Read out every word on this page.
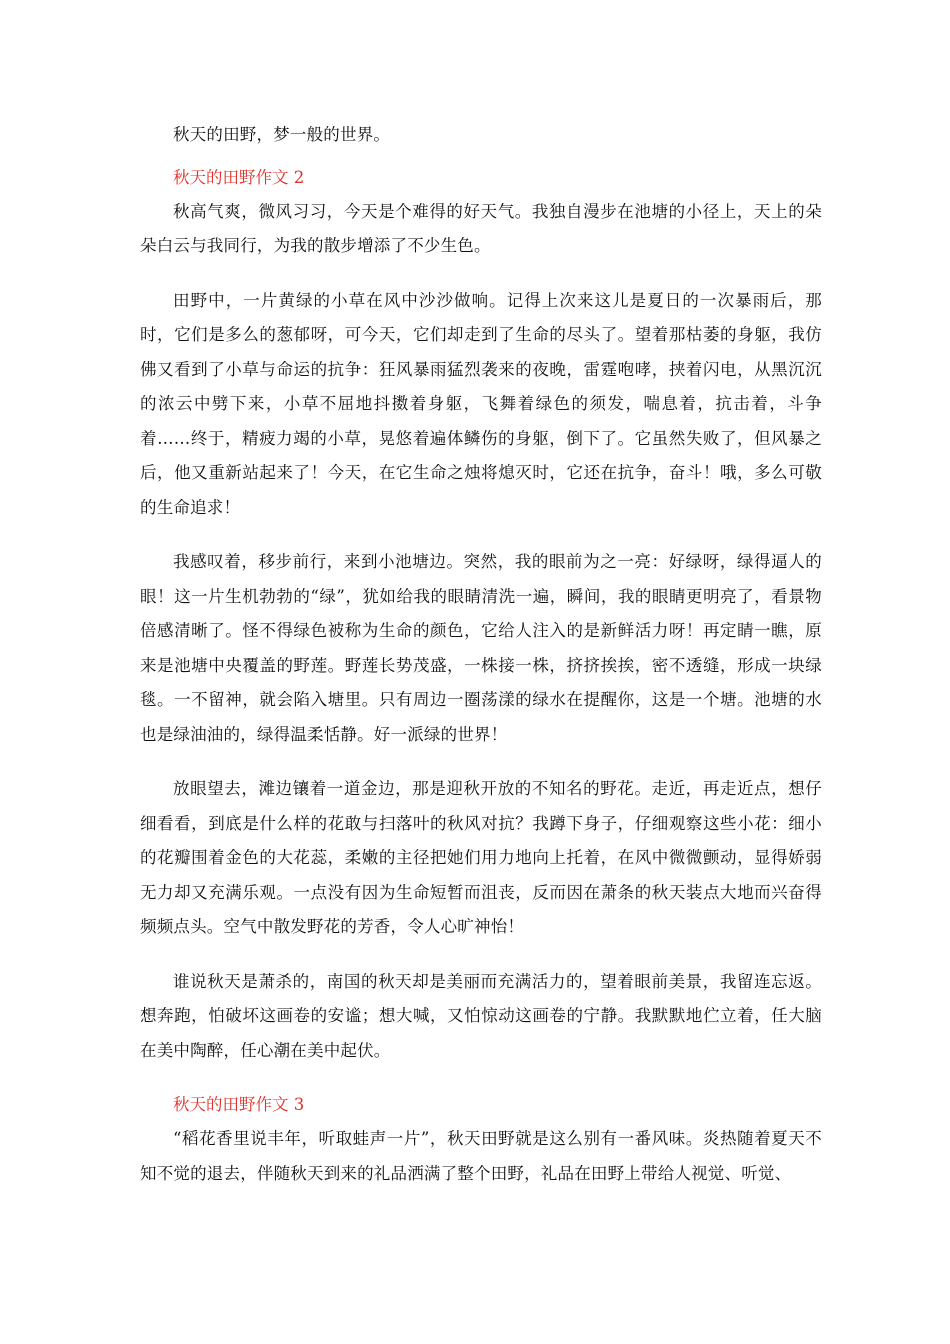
秋天的田野，梦一般的世界。

秋天的田野作文 2

秋高气爽，微风习习，今天是个难得的好天气。我独自漫步在池塘的小径上，天上的朵朵白云与我同行，为我的散步增添了不少生色。

田野中，一片黄绿的小草在风中沙沙做响。记得上次来这儿是夏日的一次暴雨后，那时，它们是多么的葱郁呀，可今天，它们却走到了生命的尽头了。望着那枯萎的身躯，我仿佛又看到了小草与命运的抗争：狂风暴雨猛烈袭来的夜晚，雷霆咆哮，挟着闪电，从黑沉沉的浓云中劈下来，小草不屈地抖擞着身躯，飞舞着绿色的须发，喘息着，抗击着，斗争着……终于，精疲力竭的小草，晃悠着遍体鳞伤的身躯，倒下了。它虽然失败了，但风暴之后，他又重新站起来了！今天，在它生命之烛将熄灭时，它还在抗争，奋斗！哦，多么可敬的生命追求！

我感叹着，移步前行，来到小池塘边。突然，我的眼前为之一亮：好绿呀，绿得逼人的眼！这一片生机勃勃的“绿”，犹如给我的眼睛清洗一遍，瞬间，我的眼睛更明亮了，看景物倍感清晰了。怪不得绿色被称为生命的颜色，它给人注入的是新鲜活力呀！再定睛一瞧，原来是池塘中央覆盖的野莲。野莲长势茂盛，一株接一株，挤挤挨挨，密不透缝，形成一块绿毯。一不留神，就会陷入塘里。只有周边一圈荡漾的绿水在提醒你，这是一个塘。池塘的水也是绿油油的，绿得温柔恬静。好一派绿的世界！

放眼望去，滩边镶着一道金边，那是迎秋开放的不知名的野花。走近，再走近点，想仔细看看，到底是什么样的花敢与扫落叶的秋风对抗？我蹲下身子，仔细观察这些小花：细小的花瓣围着金色的大花蕊，柔嫩的主径把她们用力地向上托着，在风中微微颤动，显得娇弱无力却又充满乐观。一点没有因为生命短暂而沮丧，反而因在萧条的秋天装点大地而兴奋得频频点头。空气中散发野花的芳香，令人心旷神怡！

谁说秋天是萧杀的，南国的秋天却是美丽而充满活力的，望着眼前美景，我留连忘返。想奔跑，怕破坏这画卷的安谧；想大喊，又怕惊动这画卷的宁静。我默默地伫立着，任大脑在美中陶醉，任心潮在美中起伏。

秋天的田野作文 3

“稻花香里说丰年，听取蛙声一片”，秋天田野就是这么别有一番风味。炎热随着夏天不知不觉的退去，伴随秋天到来的礼品洒满了整个田野，礼品在田野上带给人视觉、听觉、
